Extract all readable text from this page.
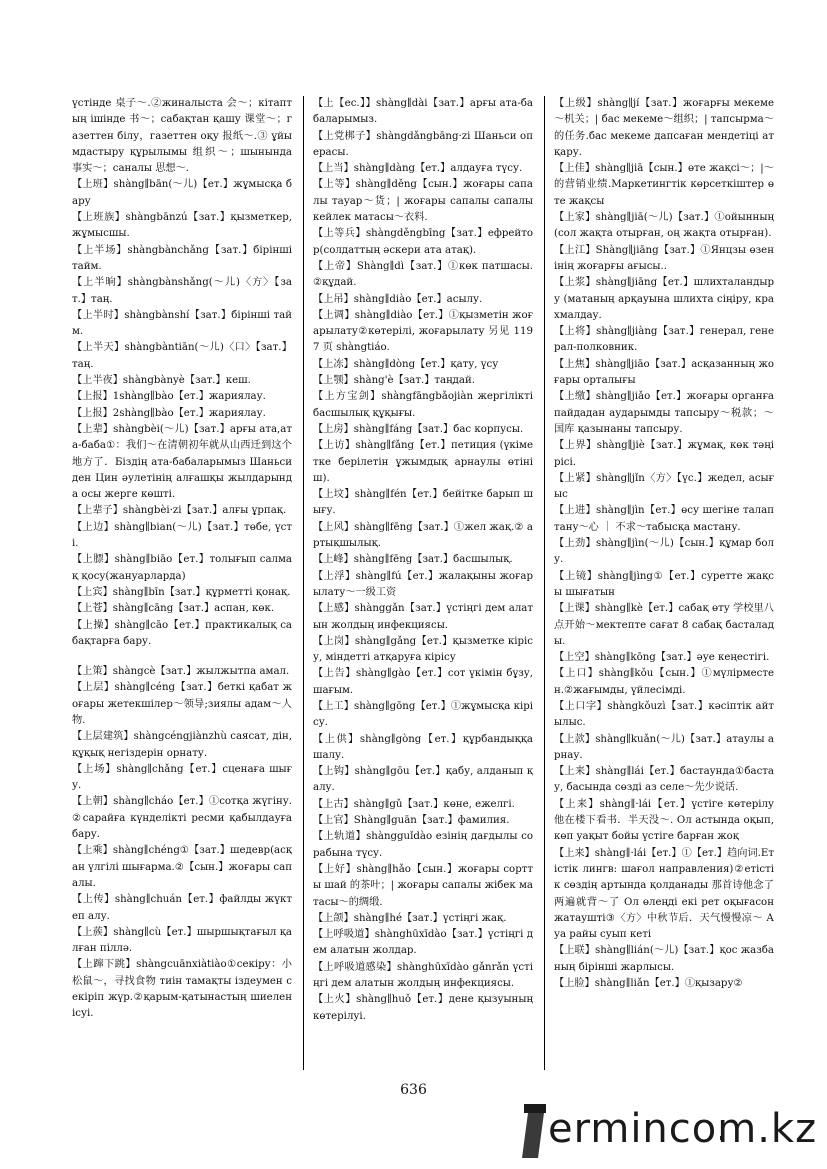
үстінде 桌子～.②жиналыста 会～；кітаптың ішінде 书～；сабақтан қашу 课堂～；газеттен білу，газеттен оқу 报纸～.③ ұйымдастыру құрылымы 组织～；шынында 事实～；саналы 思想～.

【上班】shàng∥bān(～儿)【ет.】жұмысқа бару

【上班族】shàngbānzú【зат.】қызметкер, жұмысшы.

【上半场】shàngbànchǎng【зат.】бірінші тайм.

【上半晌】shàngbànshǎng(～儿)〈方〉【зат.】таң.

【上半时】shàngbànshí【зат.】бірінші тайм.

【上半天】shàngbàntiān(～儿)〈口〉【зат.】таң.

【上半夜】shàngbànyè【зат.】кеш.

【上报】1shàng∥bào【ет.】жариялау.

【上报】2shàng∥bào【ет.】жариялау.

【上辈】shàngbèi(～儿)【зат.】арғы ата,ата-баба①：我们～在清朝初年就从山西迁到这个地方了．Біздің ата-бабаларымыз Шаньсиден Цин әулетінің алғашқы жылдарында осы жерге көшті.

【上辈子】shàngbèi·zi【зат.】алғы ұрпақ.

【上边】shàng∥bian(～儿)【зат.】төбе, үсті.

【上膘】shàng∥biāo【ет.】толығып салмақ қосу(жануарларда)

【上宾】shàng∥bīn【зат.】құрметті қонақ.

【上苍】shàng∥cāng【зат.】аспан, көк.

【上操】shàng∥cāo【ет.】практикалық сабақтарға бару.

【上策】shàngcè【зат.】жылжытпа амал.

【上层】shàng∥céng【зат.】беткі қабат жоғары жетекшілер～领导;зиялы адам～人物.

【上层建筑】shàngcéngjiànzhù саясат, дін, құқық негіздерін орнату.

【上场】shàng∥chǎng【ет.】сценаға шығу.

【上朝】shàng∥cháo【ет.】①сотқа жүгіну.②сарайға күнделікті ресми қабылдауға бару.

【上乘】shàng∥chéng①【зат.】шедевр(асқан үлгілі шығарма.②【сын.】жоғары сапалы.

【上传】shàng∥chuán【ет.】файлды жүктеп алу.

【上蔟】shàng∥cù【ет.】шыршықтағыл қалған піллә.

【上蹿下跳】shàngcuānxiàtiào①секіру：小松鼠～，寻找食物 тиін тамақты іздеумен секіріп жүр.②қарым-қатынастың шиеленісуі.

【上【ес.】】shàng∥dài【зат.】арғы ата-бабаларымыз.

【上党梆子】shàngdǎngbāng·zi Шаньси операсы.

【上当】shàng∥dàng【ет.】алдауға түсу.

【上等】shàng∥děng【сын.】жоғары сапалы тауар～货；| жоғары сапалы сапалы кейлек матасы～衣料.

【上等兵】shàngděngbīng【зат.】ефрейтор(солдаттың әскери ата атақ).

【上帝】Shàng∥dì【зат.】①көк патшасы.②құдай.

【上吊】shàng∥diào【ет.】асылу.

【上调】shàng∥diào【ет.】①қызметін жоғарылату②көтерілі, жоғарылату 另见 1197 页 shàngtiáo.

【上冻】shàng∥dòng【ет.】қату, үсу

【上颚】shàng'è【зат.】таңдай.

【上方宝剑】shàngfāngbǎojiàn жергілікті басшылық құқығы.

【上房】shàng∥fáng【зат.】бас корпусы.

【上访】shàng∥fǎng【ет.】петиция (үкіметке берілетін ұжымдық арнаулы өтініш).

【上坟】shàng∥fén【ет.】бейітке барып шығу.

【上风】shàng∥fēng【зат.】①жел жақ.② артықшылық.

【上峰】shàng∥fēng【зат.】басшылық.

【上浮】shàng∥fú【ет.】жалақыны жоғарылату～一级工资

【上感】shànggǎn【зат.】үстіңгі дем алатын жолдың инфекциясы.

【上岗】shàng∥gǎng【ет.】қызметке кірісу, міндетті атқаруға кірісу

【上告】shàng∥gào【ет.】сот үкімін бұзу, шағым.

【上工】shàng∥gōng【ет.】①жұмысқа кірісу.

【上供】shàng∥gòng【ет.】құрбандыққа шалу.

【上钩】shàng∥gōu【ет.】қабу, алданып қалу.

【上古】shàng∥gǔ【зат.】көне, ежелгі.

【上官】Shàng∥guān【зат.】фамилия.

【上轨道】shàngguǐdào езінің дағдылы сорабына түсу.

【上好】shàng∥hǎo【сын.】жоғары сортты шай 的茶叶；| жоғары сапалы жібек матасы～的绸缎.

【上颌】shàng∥hé【зат.】үстіңгі жақ.

【上呼吸道】shànghūxīdào【зат.】үстіңгі дем алатын жолдар.

【上呼吸道感染】shànghūxīdào gǎnrǎn үстіңгі дем алатын жолдың инфекциясы.

【上火】shàng∥huǒ【ет.】дене қызуының көтерілуі.

【上级】shàng∥jí【зат.】жоғарғы мекеме～机关；| бас мекеме～组织；| тапсырма～的任务.бас мекеме дапсаған мендетіці атқару.

【上佳】shàng∥jiā【сын.】өте жақсі～；|～的营销业绩.Маркетингтік көрсеткіштер өте жақсы

【上家】shàng∥jiā(～儿)【зат.】①ойынның(сол жақта отырған, оң жақта отырған).

【上江】Shàng∥jiāng【зат.】①Янцзы өзенінің жоғарғы ағысы..

【上浆】shàng∥jiāng【ет.】шлихталандыру (матаның арқауына шлихта сіңіру, крахмалдау.

【上将】shàng∥jiàng【зат.】генерал, генерал-полковник.

【上焦】shàng∥jiāo【зат.】асқазанның жоғары орталығы

【上缴】shàng∥jiǎo【ет.】жоғары органға пайдадан аударымды тапсыру～税款；～国库 қазынаны тапсыру.

【上界】shàng∥jiè【зат.】жұмақ, көк тәңірісі.

【上紧】shàng∥jǐn〈方〉【үс.】жедел, асығыс

【上进】shàng∥jìn【ет.】өсу шегіне талаптану～心 ｜ 不求～табысқа мастану.

【上劲】shàng∥jìn(～儿)【сын.】құмар болу.

【上镜】shàng∥jìng①【ет.】суретте жақсы шығатын

【上课】shàng∥kè【ет.】сабақ өту 学校里八点开始～мектепте сағат 8 сабақ басталады.

【上空】shàng∥kōng【зат.】әуе кеңестігі.

【上口】shàng∥kǒu【сын.】①мүлірместен.②жағымды, үйлесімді.

【上口字】shàngkǒuzì【зат.】кәсіптік айтылыс.

【上款】shàng∥kuǎn(～儿)【зат.】атаулы арнау.

【上来】shàng∥lái【ет.】бастаунда①бастау, басында сөзді аз селе～先少说话.

【上来】shàng∥·lái【ет.】үстіге көтерілу 他在楼下看书．半天没～. Ол астында оқып, көп уақыт бойы үстіге барған жоқ

【上来】shàng∥·lái【ет.】①【ет.】趋向词.Етістік лингв: шағол направления)②етістік сөздің артында қолданады 那首诗他念了两遍就背～了 Ол өлеңді екі рет оқығасон жатаушті③〈方〉中秋节后．天气慢慢凉～ Ауа райы суып кеті

【上联】shàng∥lián(～儿)【зат.】қос жазбаның бірінші жарлысы.

【上脸】shàng∥liǎn【ет.】①қызару②

636
ermincom.kz
